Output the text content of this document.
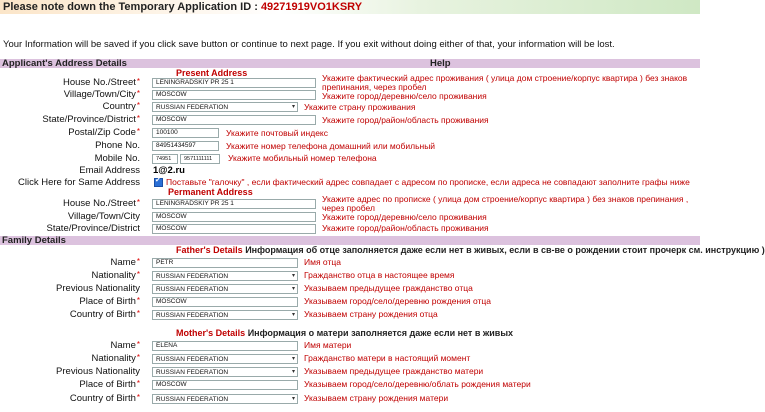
Please note down the Temporary Application ID : 49271919VO1KSRY
Your Information will be saved if you click save button or continue to next page. If you exit without doing either of that, your information will be lost.
Applicant's Address Details	Help
Present Address
House No./Street*
LENINGRADSKIY PR 25 1	Укажите фактический адрес проживания ( улица дом строение/корпус квартира ) без знаков
препинания, через пробел
Village/Town/City*
MOSCOW	Укажите город/деревню/село проживания
Country*	RUSSIAN FEDERATION	▾ Укажите страну проживания
State/Province/District*
MOSCOW	Укажите город/район/область проживания
Postal/Zip Code*
100100	Укажите почтовый индекс
Phone No.
84951434597	Укажите номер телефона домашний или мобильный
Mobile No.
74951
9571111111	Укажите мобильный номер телефона
Email Address 1@2.ru
Click Here for Same Address
✔	Поставьте "галочку" , если фактический адрес совпадает с адресом по прописке, если адреса не совпадают заполните графы ниже
Permanent Address
House No./Street*
LENINGRADSKIY PR 25 1	Укажите адрес по прописке ( улица дом строение/корпус квартира ) без знаков препинания ,
через пробел
Village/Town/City
MOSCOW	Укажите город/деревню/село проживания
State/Province/District
MOSCOW	Укажите город/район/область проживания
Family Details
Father's Details Информация об отце заполняется даже если нет в живых, если в св-ве о рождении стоит прочерк см. инструкцию )
Name*
PETR	Имя отца
Nationality*	RUSSIAN FEDERATION	▾ Гражданство отца в настоящее время
Previous Nationality	RUSSIAN FEDERATION	▾ Указываем предыдущее гражданство отца
Place of Birth*
MOSCOW	Указываем город/село/деревню рождения отца
Country of Birth*	RUSSIAN FEDERATION	▾ Указываем страну рождения отца
Mother's Details Информация о матери заполняется даже если нет в живых
Name*
ELENA	Имя матери
Nationality*	RUSSIAN FEDERATION	▾ Гражданство матери в настоящий момент
Previous Nationality	RUSSIAN FEDERATION	▾ Указываем предыдущее гражданство матери
Place of Birth*
MOSCOW	Указываем город/село/деревню/облать рождения матери
Country of Birth*	RUSSIAN FEDERATION	▾ Указываем страну рождения матери
